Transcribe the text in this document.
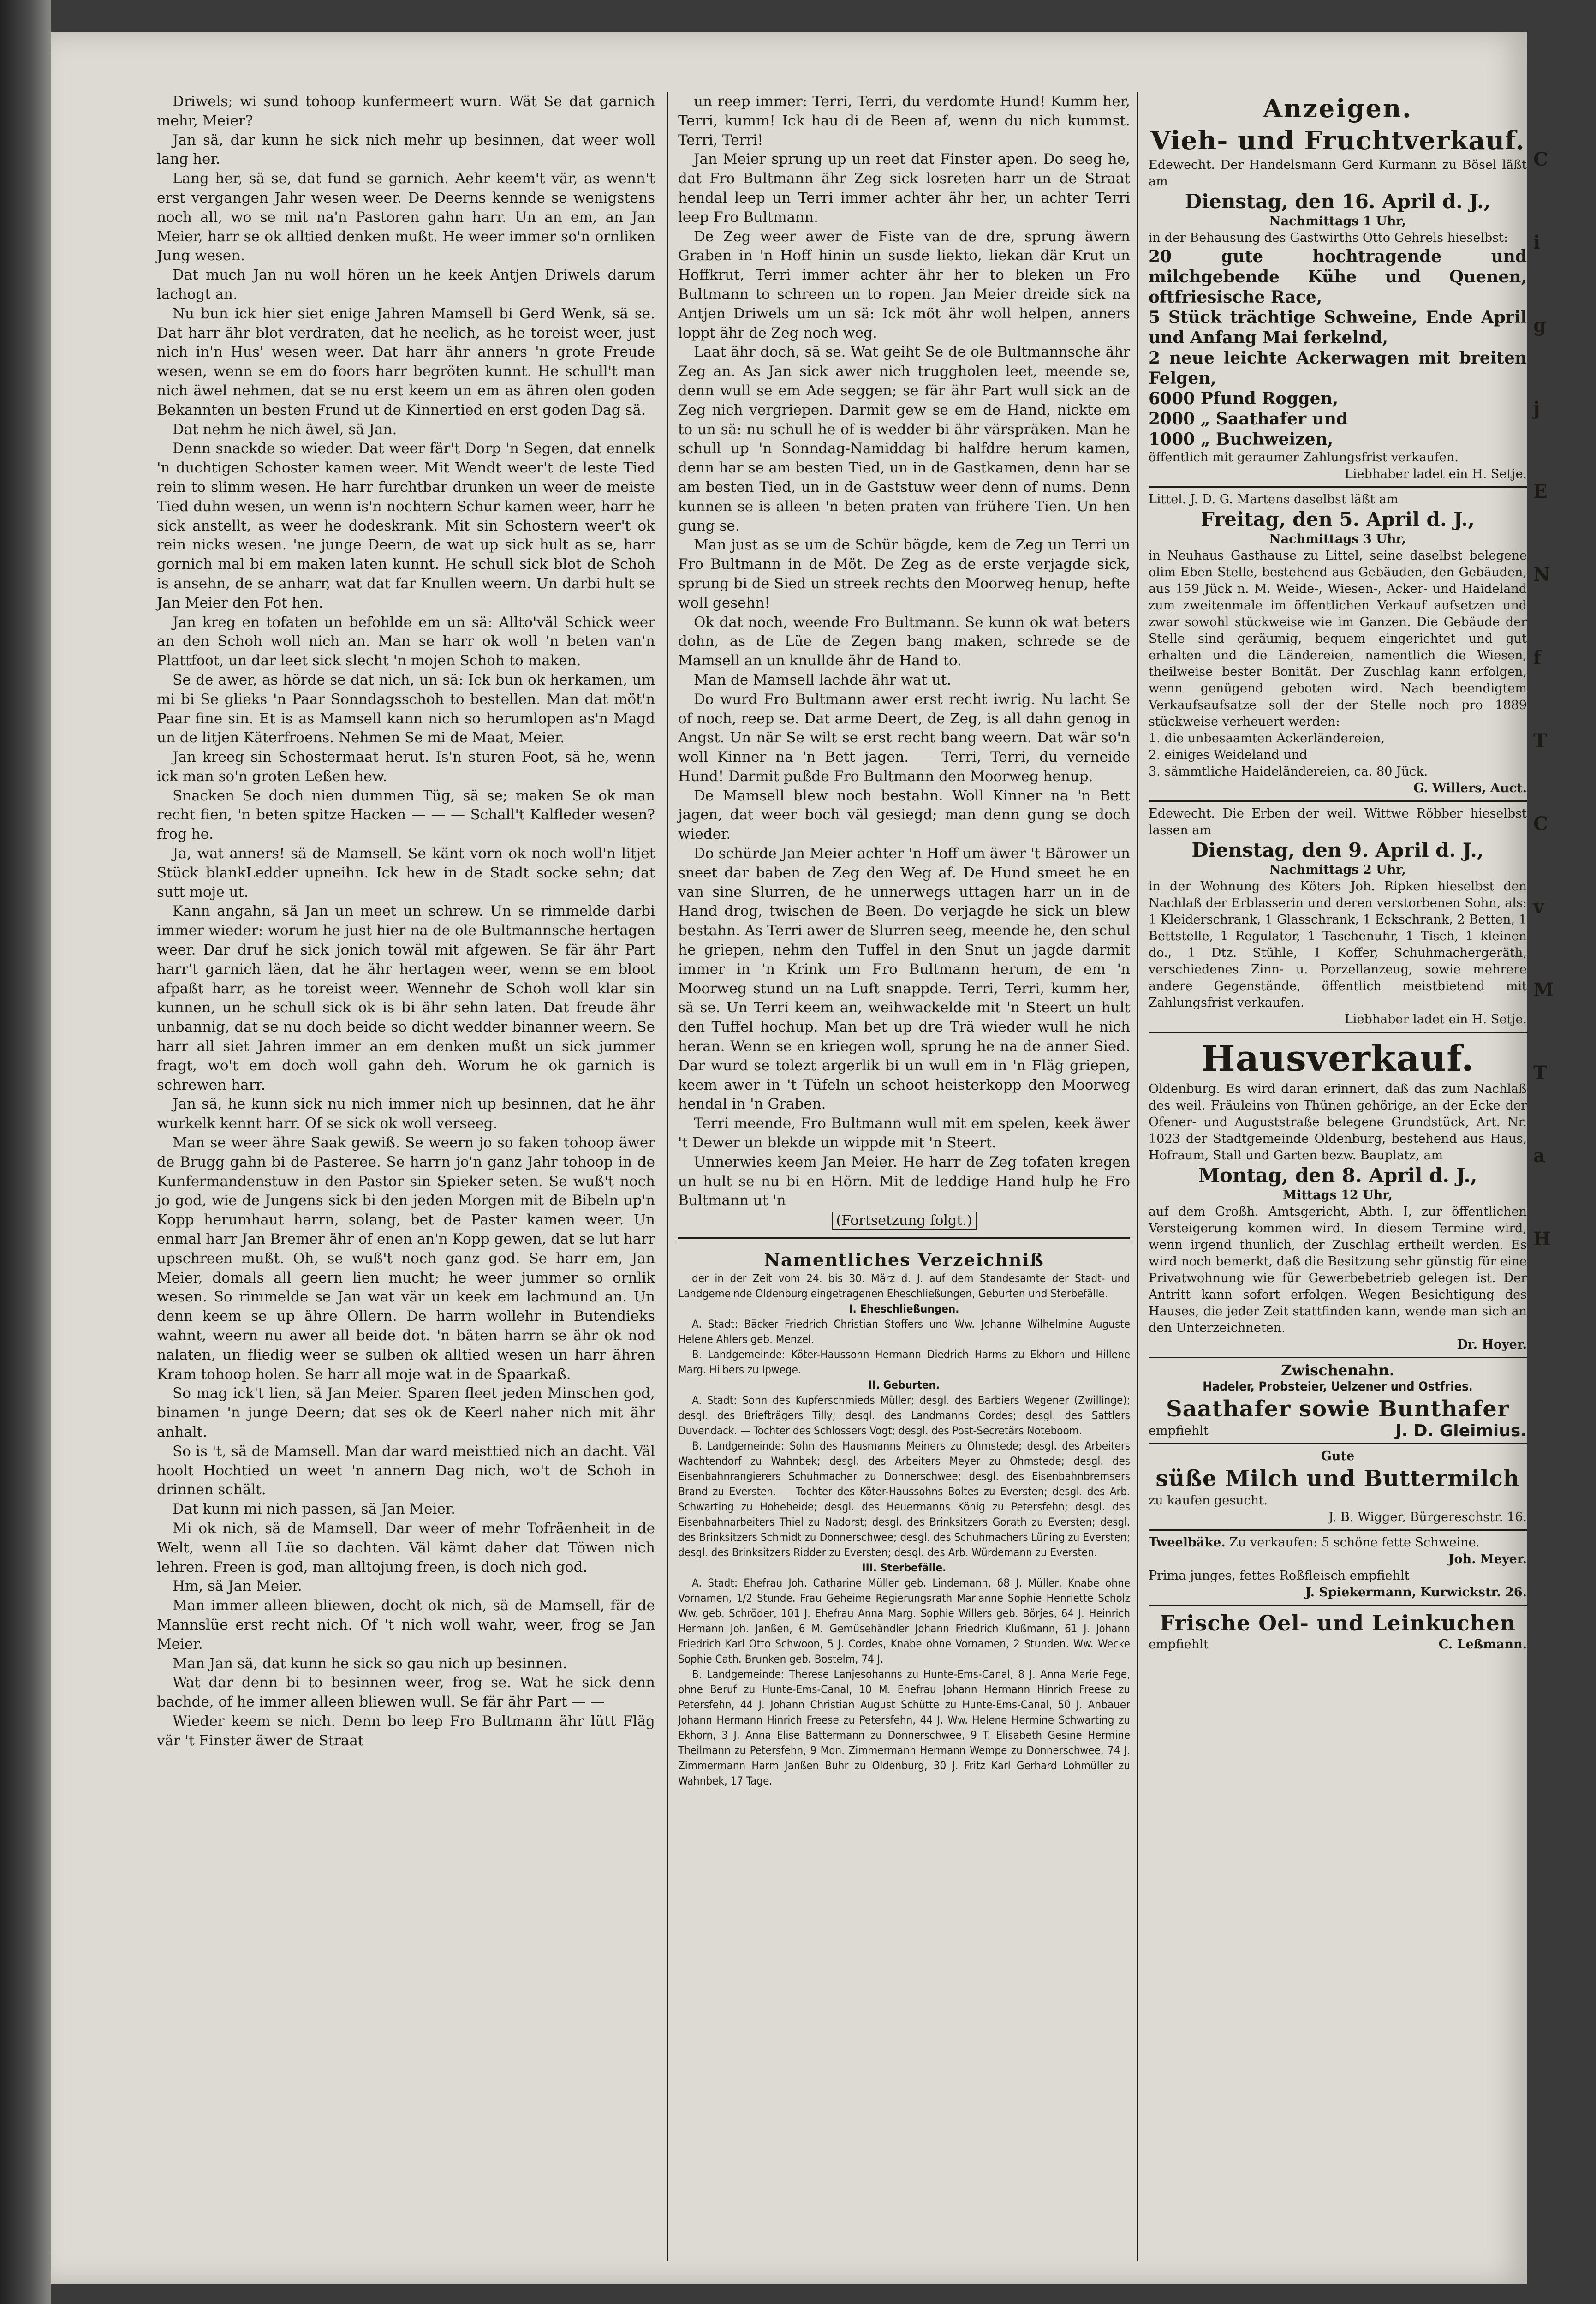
Driwels; wi sund tohoop kunfermeert wurn. Wät Se dat garnich mehr, Meier?

Jan sä, dar kunn he sick nich mehr up besinnen, dat weer woll lang her.

Lang her, sä se, dat fund se garnich. Aehr keem't vär, as wenn't erst vergangen Jahr wesen weer. De Deerns kennde se wenigstens noch all, wo se mit na'n Pastoren gahn harr. Un an em, an Jan Meier, harr se ok alltied denken mußt. He weer immer so'n ornliken Jung wesen.

Dat much Jan nu woll hören un he keek Antjen Driwels darum lachogt an.

Nu bun ick hier siet enige Jahren Mamsell bi Gerd Wenk, sä se. Dat harr ähr blot verdraten, dat he neelich, as he toreist weer, just nich in'n Hus' wesen weer. Dat harr ähr anners 'n grote Freude wesen, wenn se em do foors harr begröten kunnt. He schull't man nich äwel nehmen, dat se nu erst keem un em as ähren olen goden Bekannten un besten Frund ut de Kinnertied en erst goden Dag sä.

Dat nehm he nich äwel, sä Jan.

Denn snackde so wieder. Dat weer fär't Dorp 'n Segen, dat ennelk 'n duchtigen Schoster kamen weer. Mit Wendt weer't de leste Tied rein to slimm wesen. He harr furchtbar drunken un weer de meiste Tied duhn wesen, un wenn is'n nochtern Schur kamen weer, harr he sick anstellt, as weer he dodeskrank. Mit sin Schostern weer't ok rein nicks wesen. 'ne junge Deern, de wat up sick hult as se, harr gornich mal bi em maken laten kunnt. He schull sick blot de Schoh is ansehn, de se anharr, wat dat far Knullen weern. Un darbi hult se Jan Meier den Fot hen.

Jan kreg en tofaten un befohlde em un sä: Allto'väl Schick weer an den Schoh woll nich an. Man se harr ok woll 'n beten van'n Plattfoot, un dar leet sick slecht 'n mojen Schoh to maken.

Se de awer, as hörde se dat nich, un sä: Ick bun ok herkamen, um mi bi Se glieks 'n Paar Sonndagsschoh to bestellen. Man dat möt'n Paar fine sin. Et is as Mamsell kann nich so herumlopen as'n Magd un de litjen Käterfroens. Nehmen Se mi de Maat, Meier.

Jan kreeg sin Schostermaat herut. Is'n sturen Foot, sä he, wenn ick man so'n groten Leßen hew.

Snacken Se doch nien dummen Tüg, sä se; maken Se ok man recht fien, 'n beten spitze Hacken — — — Schall't Kalfleder wesen? frog he.

Ja, wat anners! sä de Mamsell. Se känt vorn ok noch woll'n litjet Stück blankLedder upneihn. Ick hew in de Stadt socke sehn; dat sutt moje ut.

Kann angahn, sä Jan un meet un schrew. Un se rimmelde darbi immer wieder: worum he just hier na de ole Bultmannsche hertagen weer. Dar druf he sick jonich towäl mit afgewen. Se fär ähr Part harr't garnich läen, dat he ähr hertagen weer, wenn se em bloot afpaßt harr, as he toreist weer. Wennehr de Schoh woll klar sin kunnen, un he schull sick ok is bi ähr sehn laten. Dat freude ähr unbannig, dat se nu doch beide so dicht wedder binanner weern. Se harr all siet Jahren immer an em denken mußt un sick jummer fragt, wo't em doch woll gahn deh. Worum he ok garnich is schrewen harr.

Jan sä, he kunn sick nu nich immer nich up besinnen, dat he ähr wurkelk kennt harr. Of se sick ok woll verseeg.

Man se weer ähre Saak gewiß. Se weern jo so faken tohoop äwer de Brugg gahn bi de Pasteree. Se harrn jo'n ganz Jahr tohoop in de Kunfermandenstuw in den Pastor sin Spieker seten. Se wuß't noch jo god, wie de Jungens sick bi den jeden Morgen mit de Bibeln up'n Kopp herumhaut harrn, solang, bet de Paster kamen weer. Un enmal harr Jan Bremer ähr of enen an'n Kopp gewen, dat se lut harr upschreen mußt. Oh, se wuß't noch ganz god. Se harr em, Jan Meier, domals all geern lien mucht; he weer jummer so ornlik wesen. So rimmelde se Jan wat vär un keek em lachmund an. Un denn keem se up ähre Ollern. De harrn wollehr in Butendieks wahnt, weern nu awer all beide dot. 'n bäten harrn se ähr ok nod nalaten, un fliedig weer se sulben ok alltied wesen un harr ähren Kram tohoop holen. Se harr all moje wat in de Spaarkaß.

So mag ick't lien, sä Jan Meier. Sparen fleet jeden Minschen god, binamen 'n junge Deern; dat ses ok de Keerl naher nich mit ähr anhalt.

So is 't, sä de Mamsell. Man dar ward meisttied nich an dacht. Väl hoolt Hochtied un weet 'n annern Dag nich, wo't de Schoh in drinnen schält.

Dat kunn mi nich passen, sä Jan Meier.

Mi ok nich, sä de Mamsell. Dar weer of mehr Tofräenheit in de Welt, wenn all Lüe so dachten. Väl kämt daher dat Töwen nich lehren. Freen is god, man alltojung freen, is doch nich god.

Hm, sä Jan Meier.

Man immer alleen bliewen, docht ok nich, sä de Mamsell, fär de Mannslüe erst recht nich. Of 't nich woll wahr, weer, frog se Jan Meier.

Man Jan sä, dat kunn he sick so gau nich up besinnen.

Wat dar denn bi to besinnen weer, frog se. Wat he sick denn bachde, of he immer alleen bliewen wull. Se fär ähr Part — —

Wieder keem se nich. Denn bo leep Fro Bultmann ähr lütt Fläg vär 't Finster äwer de Straat

un reep immer: Terri, Terri, du verdomte Hund! Kumm her, Terri, kumm! Ick hau di de Been af, wenn du nich kummst. Terri, Terri!

Jan Meier sprung up un reet dat Finster apen. Do seeg he, dat Fro Bultmann ähr Zeg sick losreten harr un de Straat hendal leep un Terri immer achter ähr her, un achter Terri leep Fro Bultmann.

De Zeg weer awer de Fiste van de dre, sprung äwern Graben in 'n Hoff hinin un susde liekto, liekan där Krut un Hoffkrut, Terri immer achter ähr her to bleken un Fro Bultmann to schreen un to ropen. Jan Meier dreide sick na Antjen Driwels um un sä: Ick möt ähr woll helpen, anners loppt ähr de Zeg noch weg.

Laat ähr doch, sä se. Wat geiht Se de ole Bultmannsche ähr Zeg an. As Jan sick awer nich truggholen leet, meende se, denn wull se em Ade seggen; se fär ähr Part wull sick an de Zeg nich vergriepen. Darmit gew se em de Hand, nickte em to un sä: nu schull he of is wedder bi ähr värspräken. Man he schull up 'n Sonndag-Namiddag bi halfdre herum kamen, denn har se am besten Tied, un in de Gastkamen, denn har se am besten Tied, un in de Gaststuw weer denn of nums. Denn kunnen se is alleen 'n beten praten van frühere Tien. Un hen gung se.

Man just as se um de Schür bögde, kem de Zeg un Terri un Fro Bultmann in de Möt. De Zeg as de erste verjagde sick, sprung bi de Sied un streek rechts den Moorweg henup, hefte woll gesehn!

Ok dat noch, weende Fro Bultmann. Se kunn ok wat beters dohn, as de Lüe de Zegen bang maken, schrede se de Mamsell an un knullde ähr de Hand to.

Man de Mamsell lachde ähr wat ut.

Do wurd Fro Bultmann awer erst recht iwrig. Nu lacht Se of noch, reep se. Dat arme Deert, de Zeg, is all dahn genog in Angst. Un när Se wilt se erst recht bang weern. Dat wär so'n woll Kinner na 'n Bett jagen. — Terri, Terri, du verneide Hund! Darmit pußde Fro Bultmann den Moorweg henup.

De Mamsell blew noch bestahn. Woll Kinner na 'n Bett jagen, dat weer boch väl gesiegd; man denn gung se doch wieder.

Do schürde Jan Meier achter 'n Hoff um äwer 't Bärower un sneet dar baben de Zeg den Weg af. De Hund smeet he en van sine Slurren, de he unnerwegs uttagen harr un in de Hand drog, twischen de Been. Do verjagde he sick un blew bestahn. As Terri awer de Slurren seeg, meende he, den schul he griepen, nehm den Tuffel in den Snut un jagde darmit immer in 'n Krink um Fro Bultmann herum, de em 'n Moorweg stund un na Luft snappde. Terri, Terri, kumm her, sä se. Un Terri keem an, weihwackelde mit 'n Steert un hult den Tuffel hochup. Man bet up dre Trä wieder wull he nich heran. Wenn se en kriegen woll, sprung he na de anner Sied. Dar wurd se tolezt argerlik bi un wull em in 'n Fläg griepen, keem awer in 't Tüfeln un schoot heisterkopp den Moorweg hendal in 'n Graben.

Terri meende, Fro Bultmann wull mit em spelen, keek äwer 't Dewer un blekde un wippde mit 'n Steert.

Unnerwies keem Jan Meier. He harr de Zeg tofaten kregen un hult se nu bi en Hörn. Mit de leddige Hand hulp he Fro Bultmann ut 'n

(Fortsetzung folgt.)
Namentliches Verzeichniß

der in der Zeit vom 24. bis 30. März d. J. auf dem Standesamte der Stadt- und Landgemeinde Oldenburg eingetragenen Eheschließungen, Geburten und Sterbefälle.

I. Eheschließungen.

A. Stadt: Bäcker Friedrich Christian Stoffers und Ww. Johanne Wilhelmine Auguste Helene Ahlers geb. Menzel.

B. Landgemeinde: Köter-Haussohn Hermann Diedrich Harms zu Ekhorn und Hillene Marg. Hilbers zu Ipwege.

II. Geburten.

A. Stadt: Sohn des Kupferschmieds Müller; desgl. des Barbiers Wegener (Zwillinge); desgl. des Briefträgers Tilly; desgl. des Landmanns Cordes; desgl. des Sattlers Duvendack. — Tochter des Schlossers Vogt; desgl. des Post-Secretärs Noteboom.

B. Landgemeinde: Sohn des Hausmanns Meiners zu Ohmstede; desgl. des Arbeiters Wachtendorf zu Wahnbek; desgl. des Arbeiters Meyer zu Ohmstede; desgl. des Eisenbahnrangierers Schuhmacher zu Donnerschwee; desgl. des Eisenbahnbremsers Brand zu Eversten. — Tochter des Köter-Haussohns Boltes zu Eversten; desgl. des Arb. Schwarting zu Hoheheide; desgl. des Heuermanns König zu Petersfehn; desgl. des Eisenbahnarbeiters Thiel zu Nadorst; desgl. des Brinksitzers Gorath zu Eversten; desgl. des Brinksitzers Schmidt zu Donnerschwee; desgl. des Schuhmachers Lüning zu Eversten; desgl. des Brinksitzers Ridder zu Eversten; desgl. des Arb. Würdemann zu Eversten.

III. Sterbefälle.

A. Stadt: Ehefrau Joh. Catharine Müller geb. Lindemann, 68 J. Müller, Knabe ohne Vornamen, 1/2 Stunde. Frau Geheime Regierungsrath Marianne Sophie Henriette Scholz Ww. geb. Schröder, 101 J. Ehefrau Anna Marg. Sophie Willers geb. Börjes, 64 J. Heinrich Hermann Joh. Janßen, 6 M. Gemüsehändler Johann Friedrich Klußmann, 61 J. Johann Friedrich Karl Otto Schwoon, 5 J. Cordes, Knabe ohne Vornamen, 2 Stunden. Ww. Wecke Sophie Cath. Brunken geb. Bostelm, 74 J.

B. Landgemeinde: Therese Lanjesohanns zu Hunte-Ems-Canal, 8 J. Anna Marie Fege, ohne Beruf zu Hunte-Ems-Canal, 10 M. Ehefrau Johann Hermann Hinrich Freese zu Petersfehn, 44 J. Johann Christian August Schütte zu Hunte-Ems-Canal, 50 J. Anbauer Johann Hermann Hinrich Freese zu Petersfehn, 44 J. Ww. Helene Hermine Schwarting zu Ekhorn, 3 J. Anna Elise Battermann zu Donnerschwee, 9 T. Elisabeth Gesine Hermine Theilmann zu Petersfehn, 9 Mon. Zimmermann Hermann Wempe zu Donnerschwee, 74 J. Zimmermann Harm Janßen Buhr zu Oldenburg, 30 J. Fritz Karl Gerhard Lohmüller zu Wahnbek, 17 Tage.

Anzeigen.
Vieh- und Fruchtverkauf.

Edewecht. Der Handelsmann Gerd Kurmann zu Bösel läßt am

Dienstag, den 16. April d. J.,

Nachmittags 1 Uhr,

in der Behausung des Gastwirths Otto Gehrels hieselbst:

20 gute hochtragende und milchgebende Kühe und Quenen, oftfriesische Race,

5 Stück trächtige Schweine, Ende April und Anfang Mai ferkelnd,

2 neue leichte Ackerwagen mit breiten Felgen,

6000 Pfund Roggen,

2000 „ Saathafer und

1000 „ Buchweizen,

öffentlich mit geraumer Zahlungsfrist verkaufen.

Liebhaber ladet ein H. Setje.

Littel. J. D. G. Martens daselbst läßt am

Freitag, den 5. April d. J.,

Nachmittags 3 Uhr,

in Neuhaus Gasthause zu Littel, seine daselbst belegene olim Eben Stelle, bestehend aus Gebäuden, den Gebäuden, aus 159 Jück n. M. Weide-, Wiesen-, Acker- und Haideland zum zweitenmale im öffentlichen Verkauf aufsetzen und zwar sowohl stückweise wie im Ganzen. Die Gebäude der Stelle sind geräumig, bequem eingerichtet und gut erhalten und die Ländereien, namentlich die Wiesen, theilweise bester Bonität. Der Zuschlag kann erfolgen, wenn genügend geboten wird. Nach beendigtem Verkaufsaufsatze soll der der Stelle noch pro 1889 stückweise verheuert werden:

1. die unbesaamten Ackerländereien,

2. einiges Weideland und

3. sämmtliche Haideländereien, ca. 80 Jück.

G. Willers, Auct.

Edewecht. Die Erben der weil. Wittwe Röbber hieselbst lassen am

Dienstag, den 9. April d. J.,

Nachmittags 2 Uhr,

in der Wohnung des Köters Joh. Ripken hieselbst den Nachlaß der Erblasserin und deren verstorbenen Sohn, als: 1 Kleiderschrank, 1 Glasschrank, 1 Eckschrank, 2 Betten, 1 Bettstelle, 1 Regulator, 1 Taschenuhr, 1 Tisch, 1 kleinen do., 1 Dtz. Stühle, 1 Koffer, Schuhmachergeräth, verschiedenes Zinn- u. Porzellanzeug, sowie mehrere andere Gegenstände, öffentlich meistbietend mit Zahlungsfrist verkaufen.

Liebhaber ladet ein H. Setje.

Hausverkauf.

Oldenburg. Es wird daran erinnert, daß das zum Nachlaß des weil. Fräuleins von Thünen gehörige, an der Ecke der Ofener- und Auguststraße belegene Grundstück, Art. Nr. 1023 der Stadtgemeinde Oldenburg, bestehend aus Haus, Hofraum, Stall und Garten bezw. Bauplatz, am

Montag, den 8. April d. J.,

Mittags 12 Uhr,

auf dem Großh. Amtsgericht, Abth. I, zur öffentlichen Versteigerung kommen wird. In diesem Termine wird, wenn irgend thunlich, der Zuschlag ertheilt werden. Es wird noch bemerkt, daß die Besitzung sehr günstig für eine Privatwohnung wie für Gewerbebetrieb gelegen ist. Der Antritt kann sofort erfolgen. Wegen Besichtigung des Hauses, die jeder Zeit stattfinden kann, wende man sich an den Unterzeichneten.

Dr. Hoyer.

Zwischenahn.

Hadeler, Probsteier, Uelzener und Ostfries.

Saathafer sowie Bunthafer

empfiehlt	J. D. Gleimius.

Gute

süße Milch und Buttermilch

zu kaufen gesucht.

J. B. Wigger, Bürgereschstr. 16.

Tweelbäke. Zu verkaufen: 5 schöne fette Schweine.

Joh. Meyer.

Prima junges, fettes Roßfleisch empfiehlt

J. Spiekermann, Kurwickstr. 26.

Frische Oel- und Leinkuchen

empfiehlt	C. Leßmann.

C
i
g
j
E
N
f
T
C
v
M
T
a
H
